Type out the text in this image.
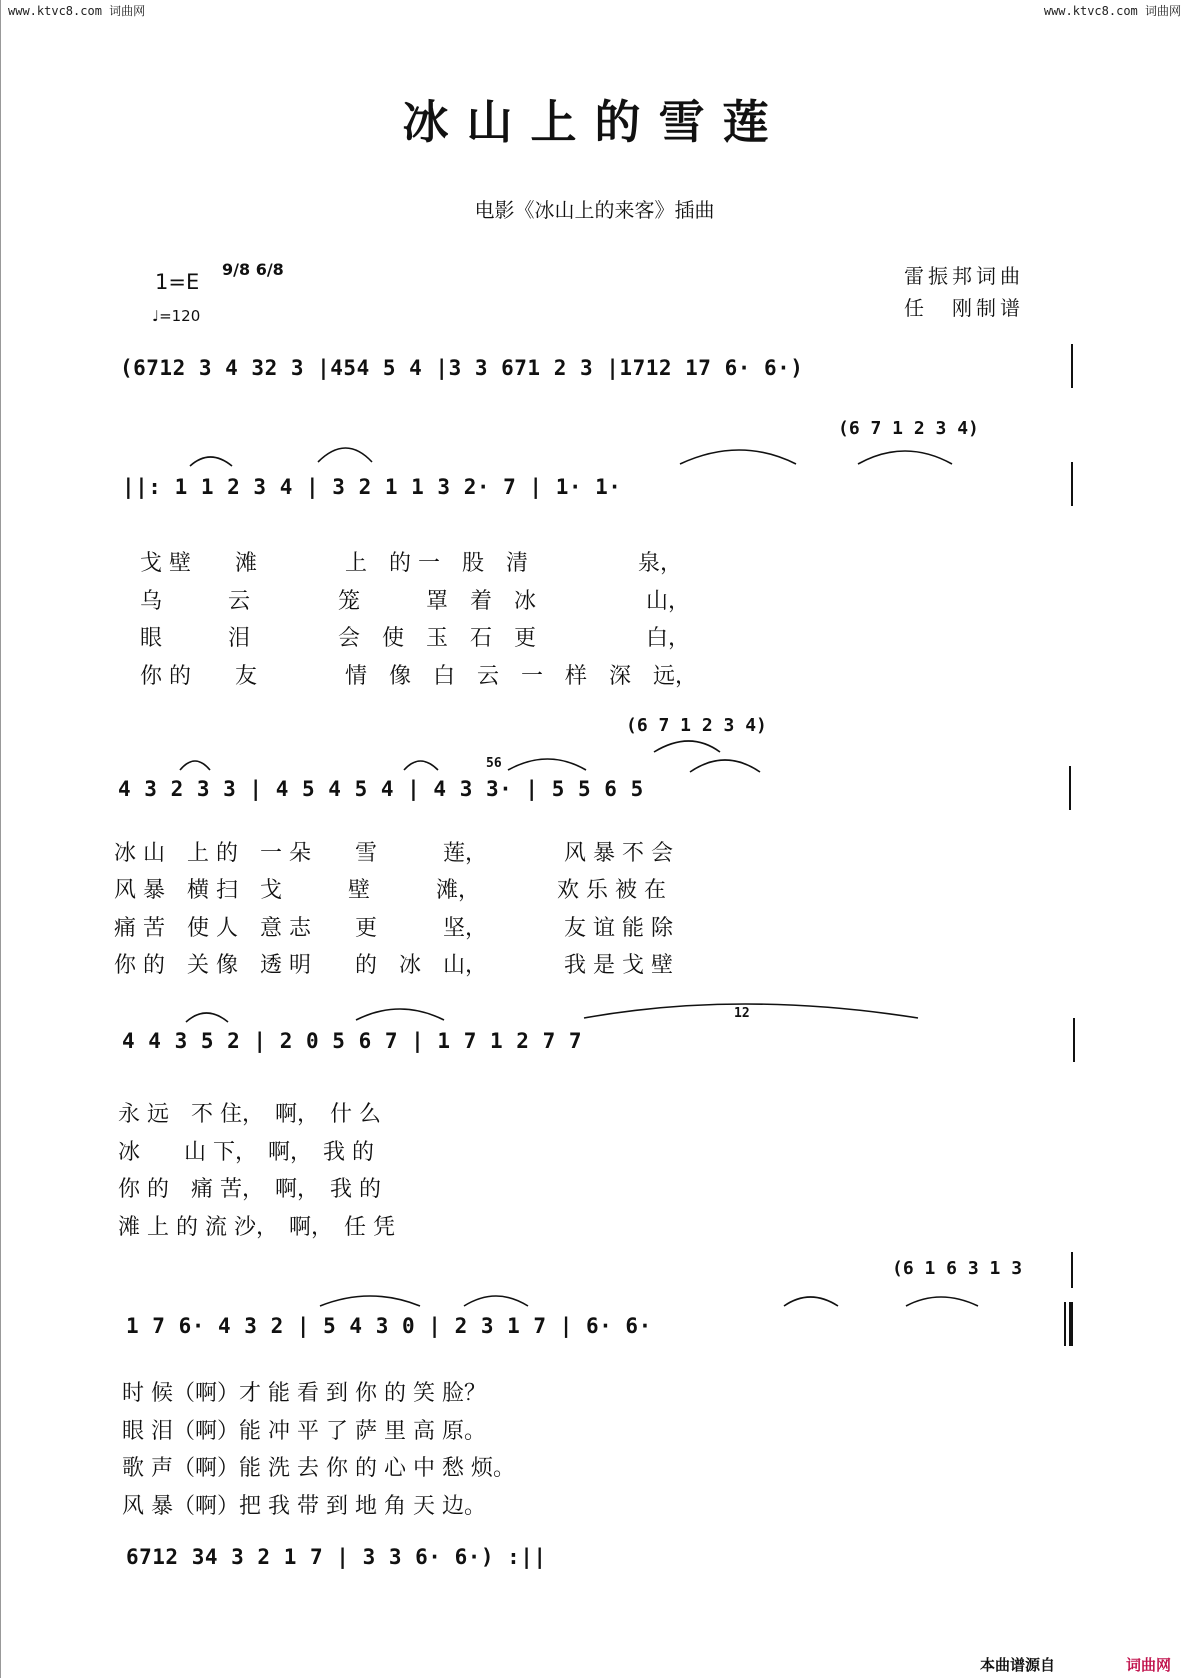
www.ktvc8.com 词曲网	www.ktvc8.com 词曲网
冰山上的雪莲
电影《冰山上的来客》插曲
1=E
9/8 6/8
♩=120
雷振邦词曲
任　刚制谱
(6712 3 4 32 3 |454 5 4 |3 3 671 2 3 |1712 17 6· 6·)
(6 7 1 2 3 4)
||: 1 1 2 3 4 | 3 2 1 1 3 2· 7 | 1· 1·
戈 壁　　滩　　　　上　的 一　股　清　　　　　泉，
乌　　　云　　　　笼　　　罩　着　冰　　　　　山，
眼　　　泪　　　　会　使　玉　石　更　　　　　白，
你 的　　友　　　　情　像　白　云　一　样　深　远，
(6 7 1 2 3 4)
56
4 3 2 3 3 | 4 5 4 5 4 | 4 3 3· | 5 5 6 5
冰 山　上 的　一 朵　　雪　　　莲，　　　　风 暴 不 会
风 暴　横 扫　戈　　　壁　　　滩，　　　　欢 乐 被 在
痛 苦　使 人　意 志　　更　　　坚，　　　　友 谊 能 除
你 的　关 像　透 明　　的　冰　山，　　　　我 是 戈 壁
12
4 4 3 5 2 | 2 0 5 6 7 | 1 7 1 2 7 7
永 远　不 住，　啊，　什 么
冰　　山 下，　啊，　我 的
你 的　痛 苦，　啊，　我 的
滩 上 的 流 沙，　啊，　任 凭
(6 1 6 3 1 3
1 7 6· 4 3 2 | 5 4 3 0 | 2 3 1 7 | 6· 6·
时 候（啊）才 能 看 到 你 的 笑 脸？
眼 泪（啊）能 冲 平 了 萨 里 高 原。
歌 声（啊）能 洗 去 你 的 心 中 愁 烦。
风 暴（啊）把 我 带 到 地 角 天 边。
6712 34 3 2 1 7 | 3 3 6· 6·) :||
本曲谱源自	词曲网
